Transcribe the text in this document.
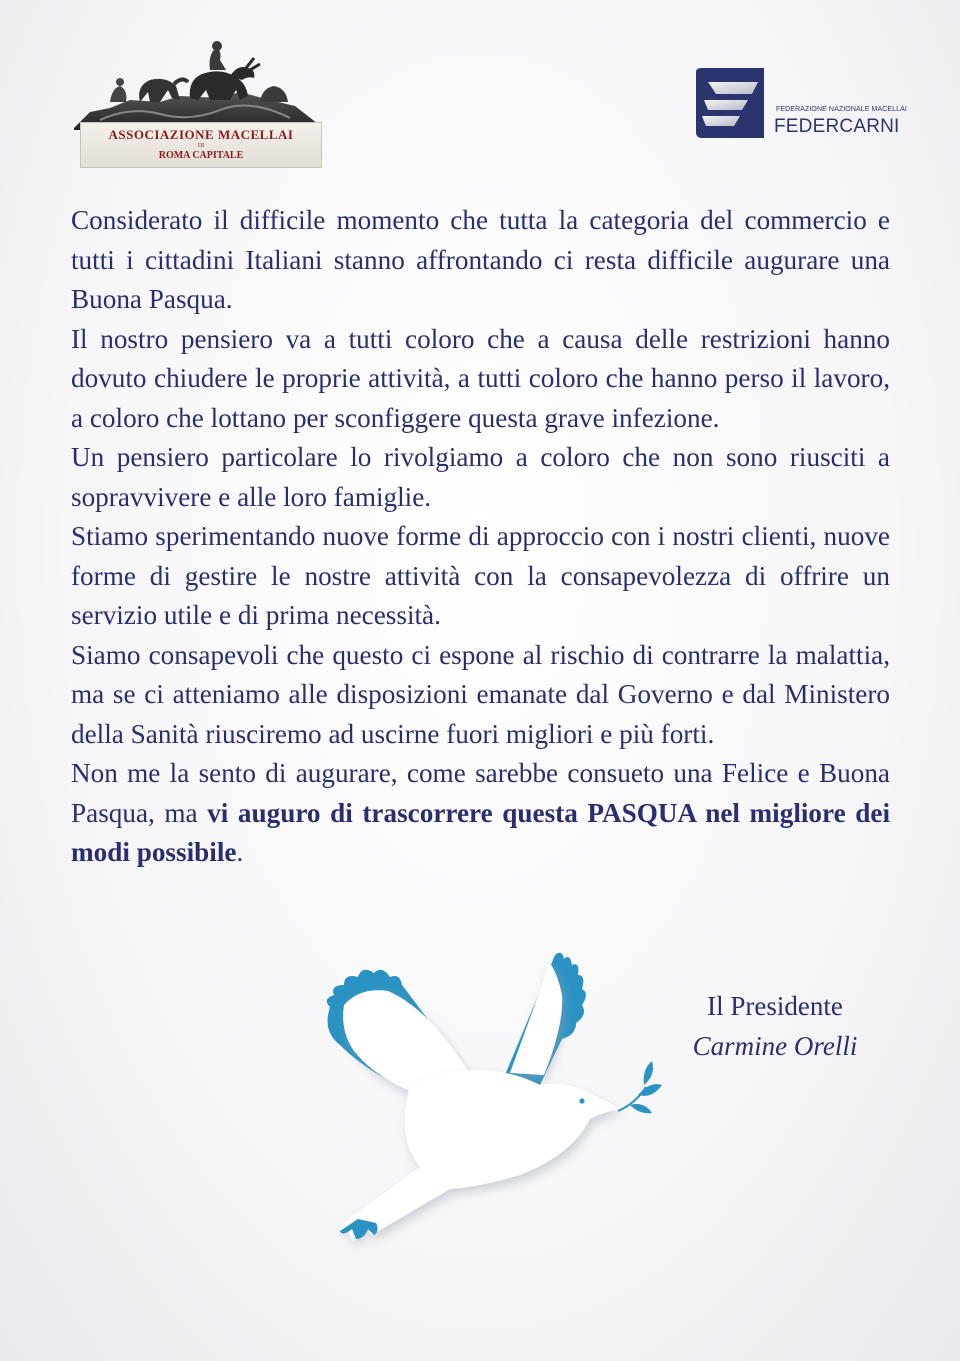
ASSOCIAZIONE MACELLAI
DI
ROMA CAPITALE
FEDERAZIONE NAZIONALE MACELLAI
FEDERCARNI

Considerato il difficile momento che tutta la categoria del commercio e tutti i cittadini Italiani stanno affrontando ci resta difficile augurare una Buona Pasqua.

Il nostro pensiero va a tutti coloro che a causa delle restrizioni hanno dovuto chiudere le proprie attività, a tutti coloro che hanno perso il lavoro, a coloro che lottano per sconfiggere questa grave infezione.

Un pensiero particolare lo rivolgiamo a coloro che non sono riusciti a sopravvivere e alle loro famiglie.

Stiamo sperimentando nuove forme di approccio con i nostri clienti, nuove forme di gestire le nostre attività con la consapevolezza di offrire un servizio utile e di prima necessità.

Siamo consapevoli che questo ci espone al rischio di contrarre la malattia, ma se ci atteniamo alle disposizioni emanate dal Governo e dal Ministero della Sanità riusciremo ad uscirne fuori migliori e più forti.

Non me la sento di augurare, come sarebbe consueto una Felice e Buona Pasqua, ma vi auguro di trascorrere questa PASQUA nel migliore dei modi possibile.

Il Presidente
Carmine Orelli
